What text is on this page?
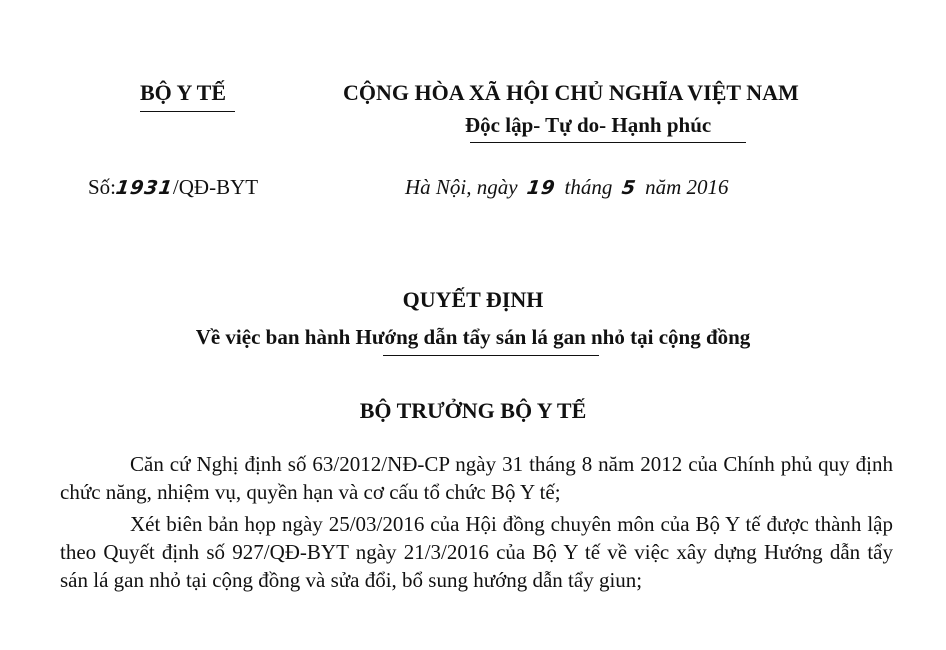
BỘ Y TẾ	CỘNG HÒA XÃ HỘI CHỦ NGHĨA VIỆT NAM
Độc lập- Tự do- Hạnh phúc
Số:1931/QĐ-BYT	Hà Nội, ngày 19 tháng 5 năm 2016
QUYẾT ĐỊNH
Về việc ban hành Hướng dẫn tẩy sán lá gan nhỏ tại cộng đồng
BỘ TRƯỞNG BỘ Y TẾ

Căn cứ Nghị định số 63/2012/NĐ-CP ngày 31 tháng 8 năm 2012 của Chính phủ quy định chức năng, nhiệm vụ, quyền hạn và cơ cấu tổ chức Bộ Y tế;

Xét biên bản họp ngày 25/03/2016 của Hội đồng chuyên môn của Bộ Y tế được thành lập theo Quyết định số 927/QĐ-BYT ngày 21/3/2016 của Bộ Y tế về việc xây dựng Hướng dẫn tẩy sán lá gan nhỏ tại cộng đồng và sửa đổi, bổ sung hướng dẫn tẩy giun;
